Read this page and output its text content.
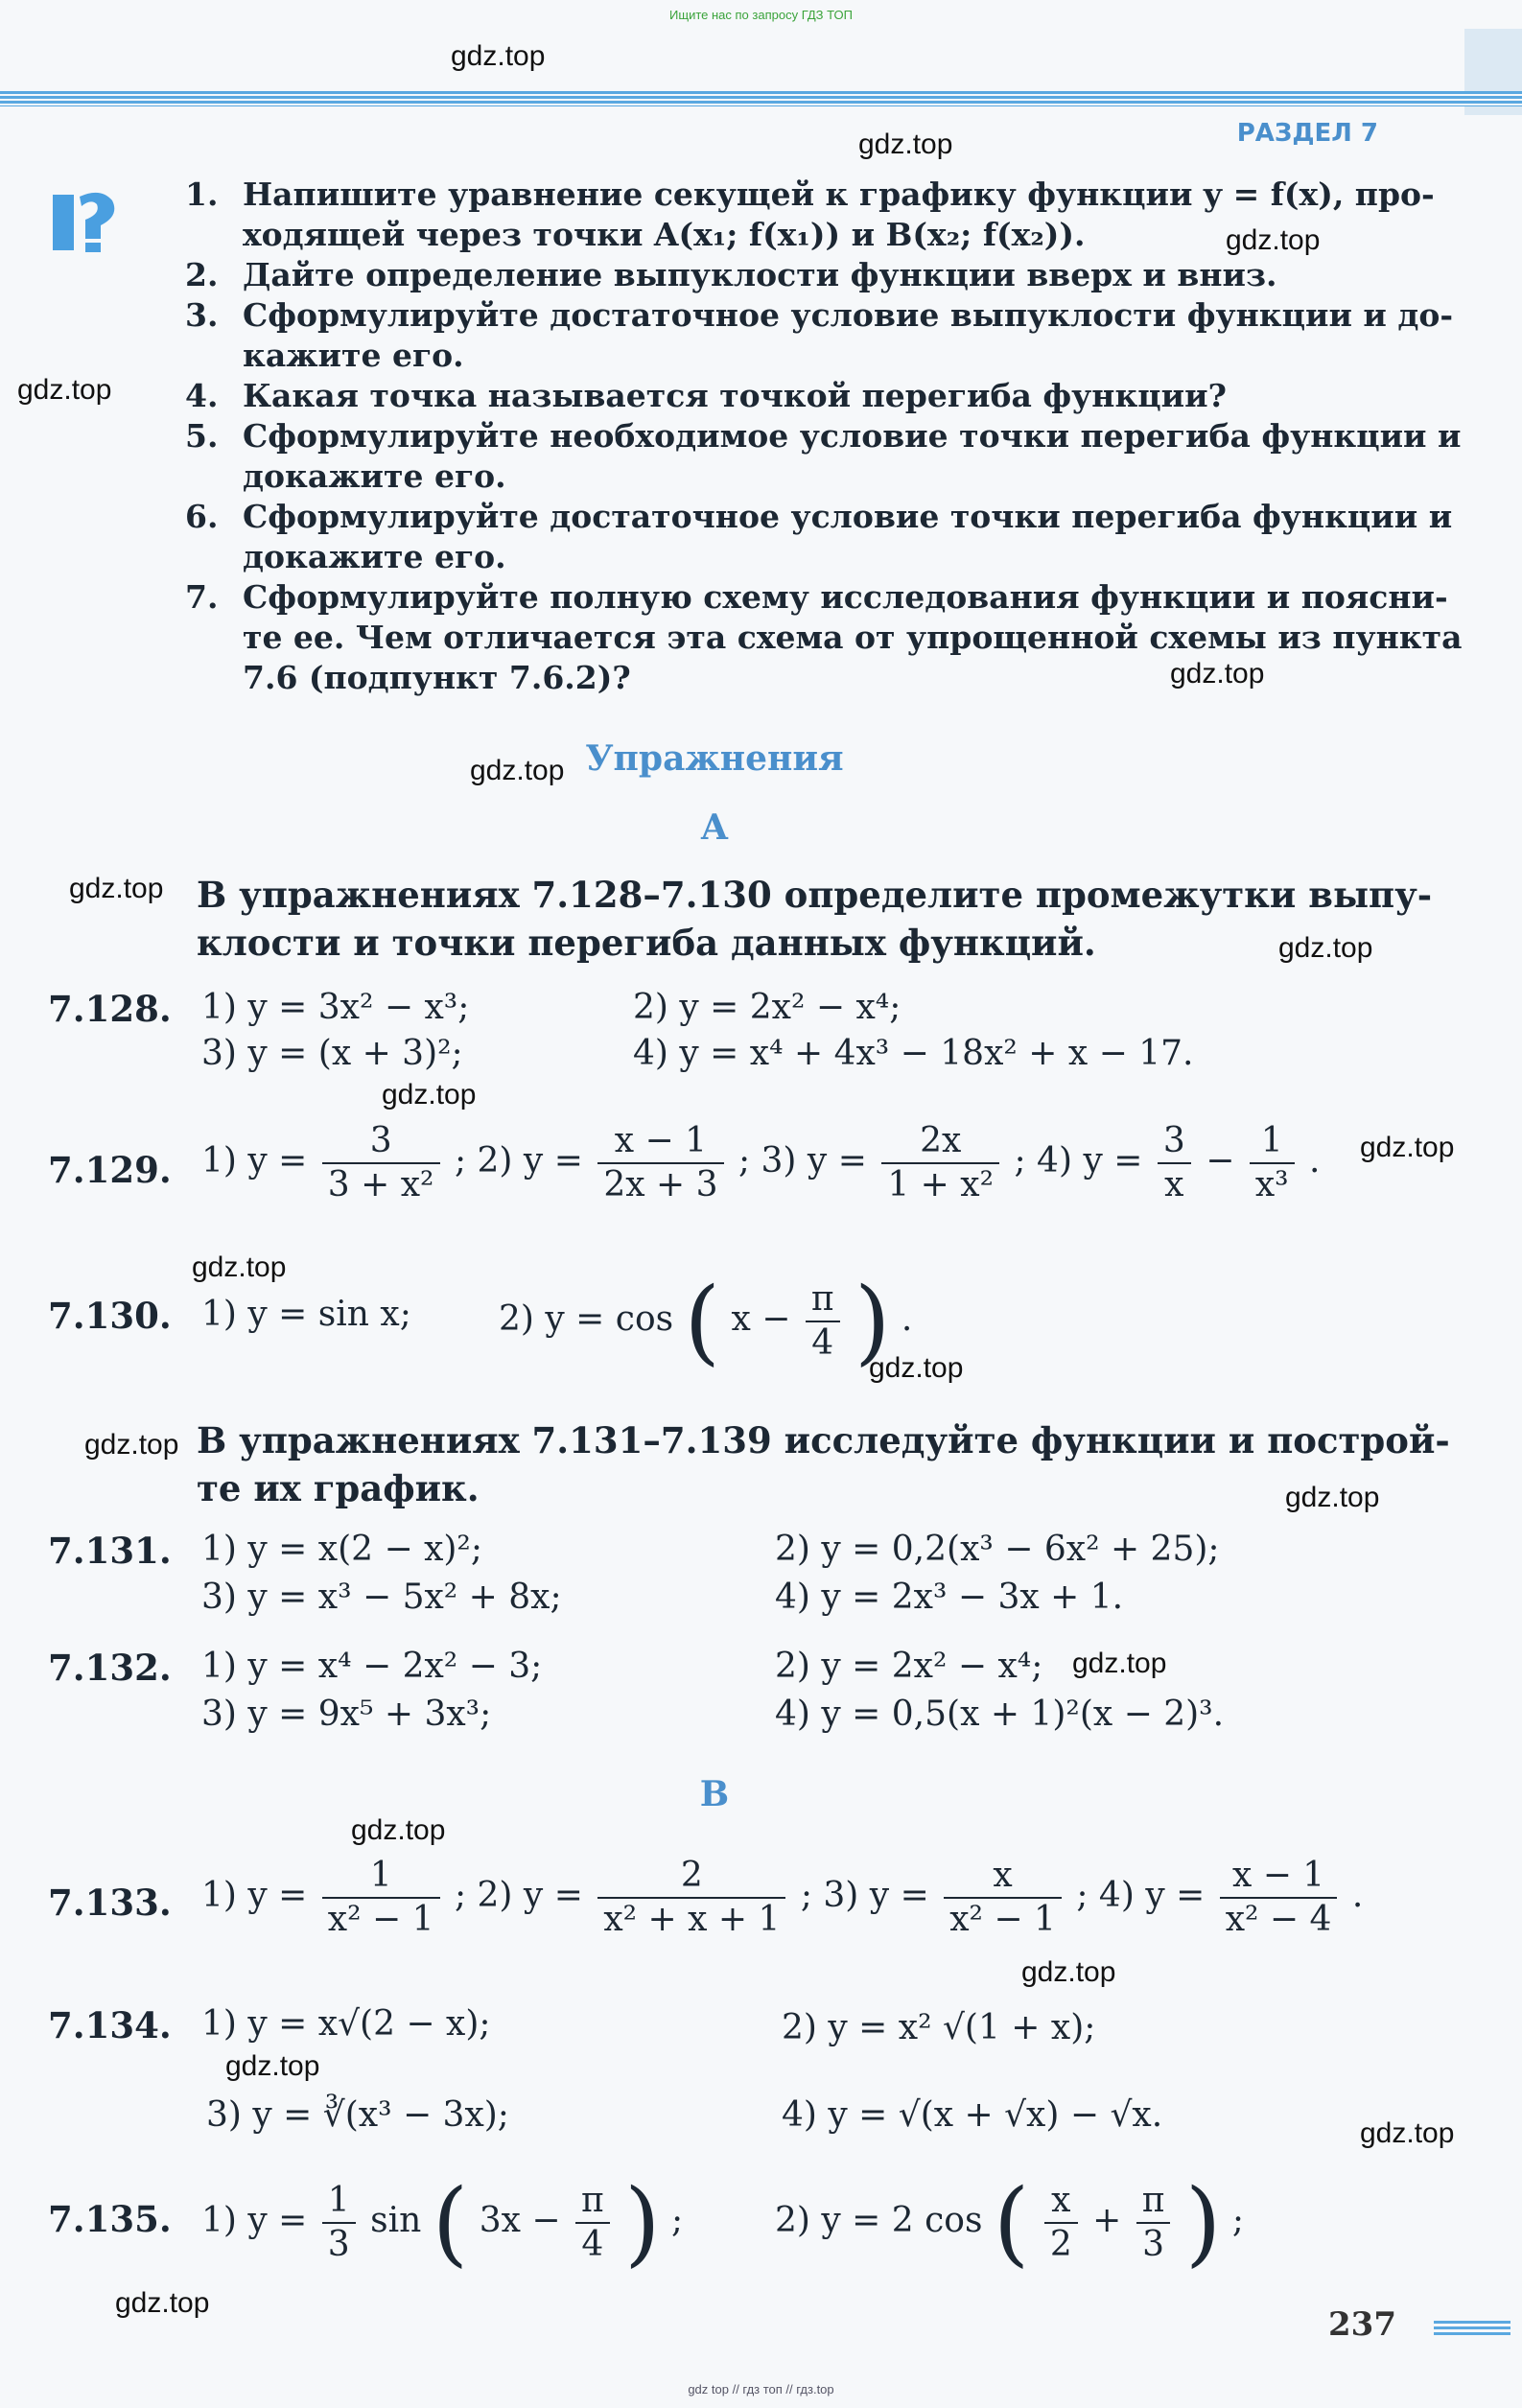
Ищите нас по запросу ГДЗ ТОП
РАЗДЕЛ 7
gdz.top
gdz.top
gdz.top
gdz.top
gdz.top
gdz.top
gdz.top
gdz.top
gdz.top
gdz.top
gdz.top
gdz.top
gdz.top
gdz.top
gdz.top
gdz.top
gdz.top
gdz.top
gdz.top
gdz.top
1. Напишите уравнение секущей к графику функции y = f(x), про-
ходящей через точки A(x₁; f(x₁)) и B(x₂; f(x₂)).
2. Дайте определение выпуклости функции вверх и вниз.
3. Сформулируйте достаточное условие выпуклости функции и до-
кажите его.
4. Какая точка называется точкой перегиба функции?
5. Сформулируйте необходимое условие точки перегиба функции и
докажите его.
6. Сформулируйте достаточное условие точки перегиба функции и
докажите его.
7. Сформулируйте полную схему исследования функции и поясни-
те ее. Чем отличается эта схема от упрощенной схемы из пункта
7.6 (подпункт 7.6.2)?
Упражнения
А
В упражнениях 7.128–7.130 определите промежутки выпу-
клости и точки перегиба данных функций.
7.128. 1) y = 3x² − x³;	2) y = 2x² − x⁴;
3) y = (x + 3)²;	4) y = x⁴ + 4x³ − 18x² + x − 17.
7.129. 1) $y = \frac{3}{\text{3 + x²}}$ ; 2) $y = \frac{x - 1}{2x + 3}$ ; 3) $y = \frac{2x}{\text{1 + x²}}$ ; 4) $y = \frac{3}{x} - \frac{1}{\text{x³}}$ .
7.130. 1) y = sin x;	2) y = cos ( $x - \frac{\pi}{4}$ ) .
В упражнениях 7.131–7.139 исследуйте функции и построй-
те их график.
7.131. 1) y = x(2 − x)²;	2) y = 0,2(x³ − 6x² + 25);
3) y = x³ − 5x² + 8x;	4) y = 2x³ − 3x + 1.
7.132. 1) y = x⁴ − 2x² − 3;	2) y = 2x² − x⁴;
3) y = 9x⁵ + 3x³;	4) y = 0,5(x + 1)²(x − 2)³.
В
7.133. 1) $y = \frac{1}{\text{x² − 1}}$ ; 2) $y = \frac{2}{\text{x² + x + 1}}$ ; 3) $y = \frac{x}{\text{x² − 1}}$ ; 4) $y = \frac{x - 1}{\text{x² − 4}}$ .
7.134. 1) y = x√(2 − x);	2) y = x² √(1 + x);
3) y = ∛(x³ − 3x);	4) y = √(x + √x) − √x.
7.135. 1) $y = \frac{1}{3}$ sin ( $3x - \frac{\pi}{4}$ ) ;	2) y = 2 cos ( $\frac{x}{2} + \frac{\pi}{3}$ ) ;
237
gdz top // гдз топ // гдз.top
